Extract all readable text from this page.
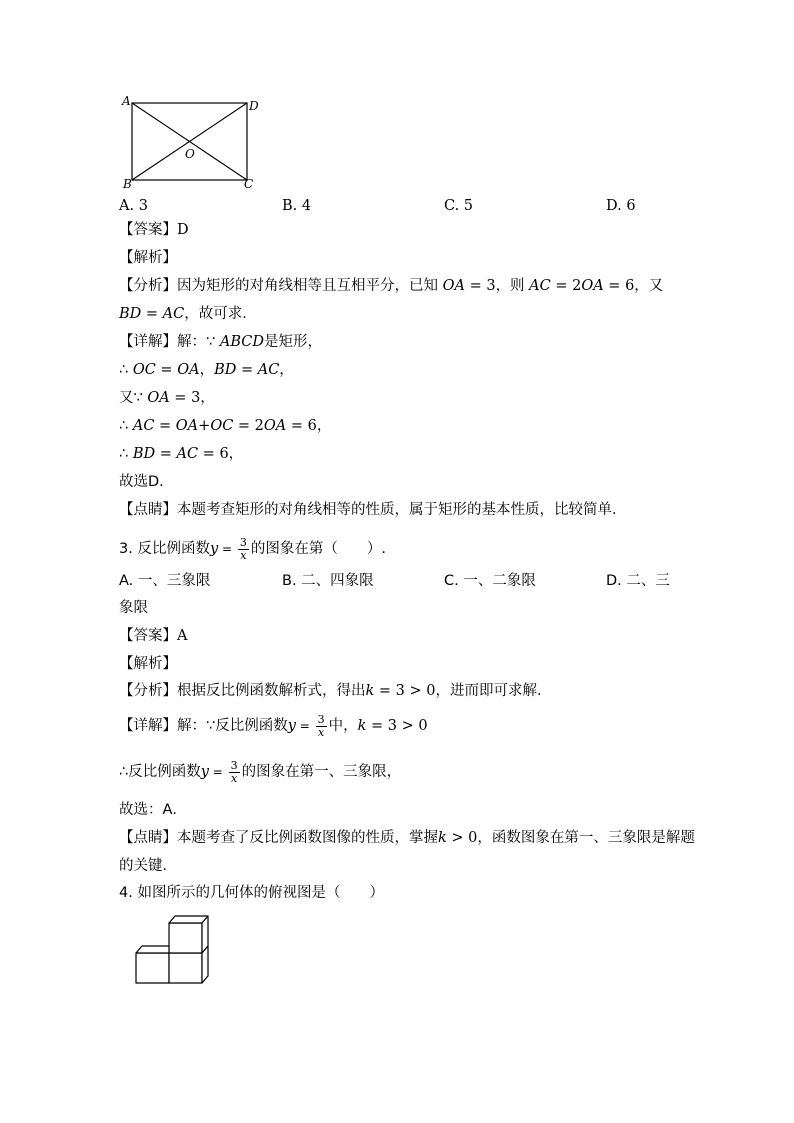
A	D
O
B	C
A. 3	B. 4	C. 5	D. 6
【答案】D
【解析】
【分析】因为矩形的对角线相等且互相平分，已知 OA = 3，则 AC = 2OA = 6，又
BD = AC，故可求．
【详解】解：∵ ABCD是矩形，
∴ OC = OA，BD = AC，
又∵ OA = 3，
∴ AC = OA+OC = 2OA = 6，
∴ BD = AC = 6，
故选D．
【点睛】本题考查矩形的对角线相等的性质，属于矩形的基本性质，比较简单．
3. 反比例函数$y = \frac{3}{x}$ 的图象在第（　　）.
A. 一、三象限	B. 二、四象限	C. 一、二象限	D. 二、三
象限
【答案】A
【解析】
【分析】根据反比例函数解析式，得出k = 3 > 0，进而即可求解．
【详解】解：∵反比例函数$y = \frac{3}{x}$ 中，k = 3 > 0
∴反比例函数$y = \frac{3}{x}$ 的图象在第一、三象限，
故选：A．
【点睛】本题考查了反比例函数图像的性质，掌握k > 0，函数图象在第一、三象限是解题
的关键．
4. 如图所示的几何体的俯视图是（　　）
